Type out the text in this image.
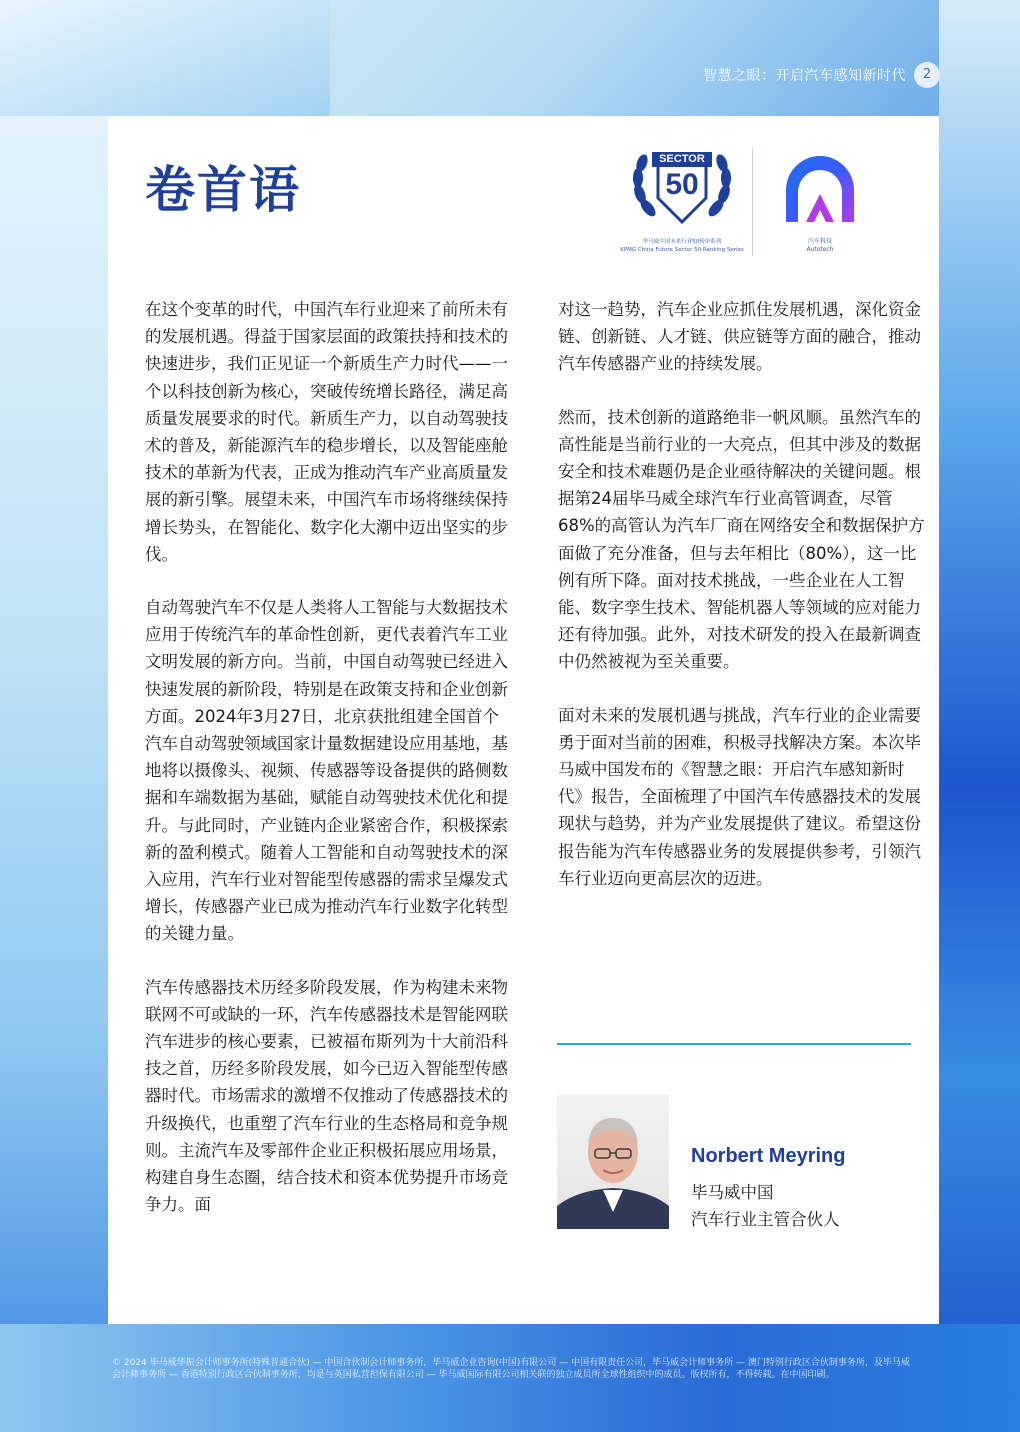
智慧之眼：开启汽车感知新时代	2
卷首语
SECTOR
50
毕马威中国未来行业50榜单系列
KPMG China Future Sector 50 Ranking Series
汽车科技
Autotech

在这个变革的时代，中国汽车行业迎来了前所未有的发展机遇。得益于国家层面的政策扶持和技术的快速进步，我们正见证一个新质生产力时代——一个以科技创新为核心，突破传统增长路径，满足高质量发展要求的时代。新质生产力，以自动驾驶技术的普及，新能源汽车的稳步增长，以及智能座舱技术的革新为代表，正成为推动汽车产业高质量发展的新引擎。展望未来，中国汽车市场将继续保持增长势头，在智能化、数字化大潮中迈出坚实的步伐。

自动驾驶汽车不仅是人类将人工智能与大数据技术应用于传统汽车的革命性创新，更代表着汽车工业文明发展的新方向。当前，中国自动驾驶已经进入快速发展的新阶段，特别是在政策支持和企业创新方面。2024年3月27日，北京获批组建全国首个汽车自动驾驶领域国家计量数据建设应用基地，基地将以摄像头、视频、传感器等设备提供的路侧数据和车端数据为基础，赋能自动驾驶技术优化和提升。与此同时，产业链内企业紧密合作，积极探索新的盈利模式。随着人工智能和自动驾驶技术的深入应用，汽车行业对智能型传感器的需求呈爆发式增长，传感器产业已成为推动汽车行业数字化转型的关键力量。

汽车传感器技术历经多阶段发展，作为构建未来物联网不可或缺的一环，汽车传感器技术是智能网联汽车进步的核心要素，已被福布斯列为十大前沿科技之首，历经多阶段发展，如今已迈入智能型传感器时代。市场需求的激增不仅推动了传感器技术的升级换代，也重塑了汽车行业的生态格局和竞争规则。主流汽车及零部件企业正积极拓展应用场景，构建自身生态圈，结合技术和资本优势提升市场竞争力。面

对这一趋势，汽车企业应抓住发展机遇，深化资金链、创新链、人才链、供应链等方面的融合，推动汽车传感器产业的持续发展。

然而，技术创新的道路绝非一帆风顺。虽然汽车的高性能是当前行业的一大亮点，但其中涉及的数据安全和技术难题仍是企业亟待解决的关键问题。根据第24届毕马威全球汽车行业高管调查，尽管68%的高管认为汽车厂商在网络安全和数据保护方面做了充分准备，但与去年相比（80%），这一比例有所下降。面对技术挑战，一些企业在人工智能、数字孪生技术、智能机器人等领域的应对能力还有待加强。此外，对技术研发的投入在最新调查中仍然被视为至关重要。

面对未来的发展机遇与挑战，汽车行业的企业需要勇于面对当前的困难，积极寻找解决方案。本次毕马威中国发布的《智慧之眼：开启汽车感知新时代》报告，全面梳理了中国汽车传感器技术的发展现状与趋势，并为产业发展提供了建议。希望这份报告能为汽车传感器业务的发展提供参考，引领汽车行业迈向更高层次的迈进。

Norbert Meyring
毕马威中国
汽车行业主管合伙人
© 2024 毕马威华振会计师事务所(特殊普通合伙) — 中国合伙制会计师事务所，毕马威企业咨询(中国)有限公司 — 中国有限责任公司，毕马威会计师事务所 — 澳门特别行政区合伙制事务所，及毕马威会计师事务所 — 香港特别行政区合伙制事务所，均是与英国私营担保有限公司 — 毕马威国际有限公司相关联的独立成员所全球性组织中的成员。版权所有，不得转载。在中国印刷。
